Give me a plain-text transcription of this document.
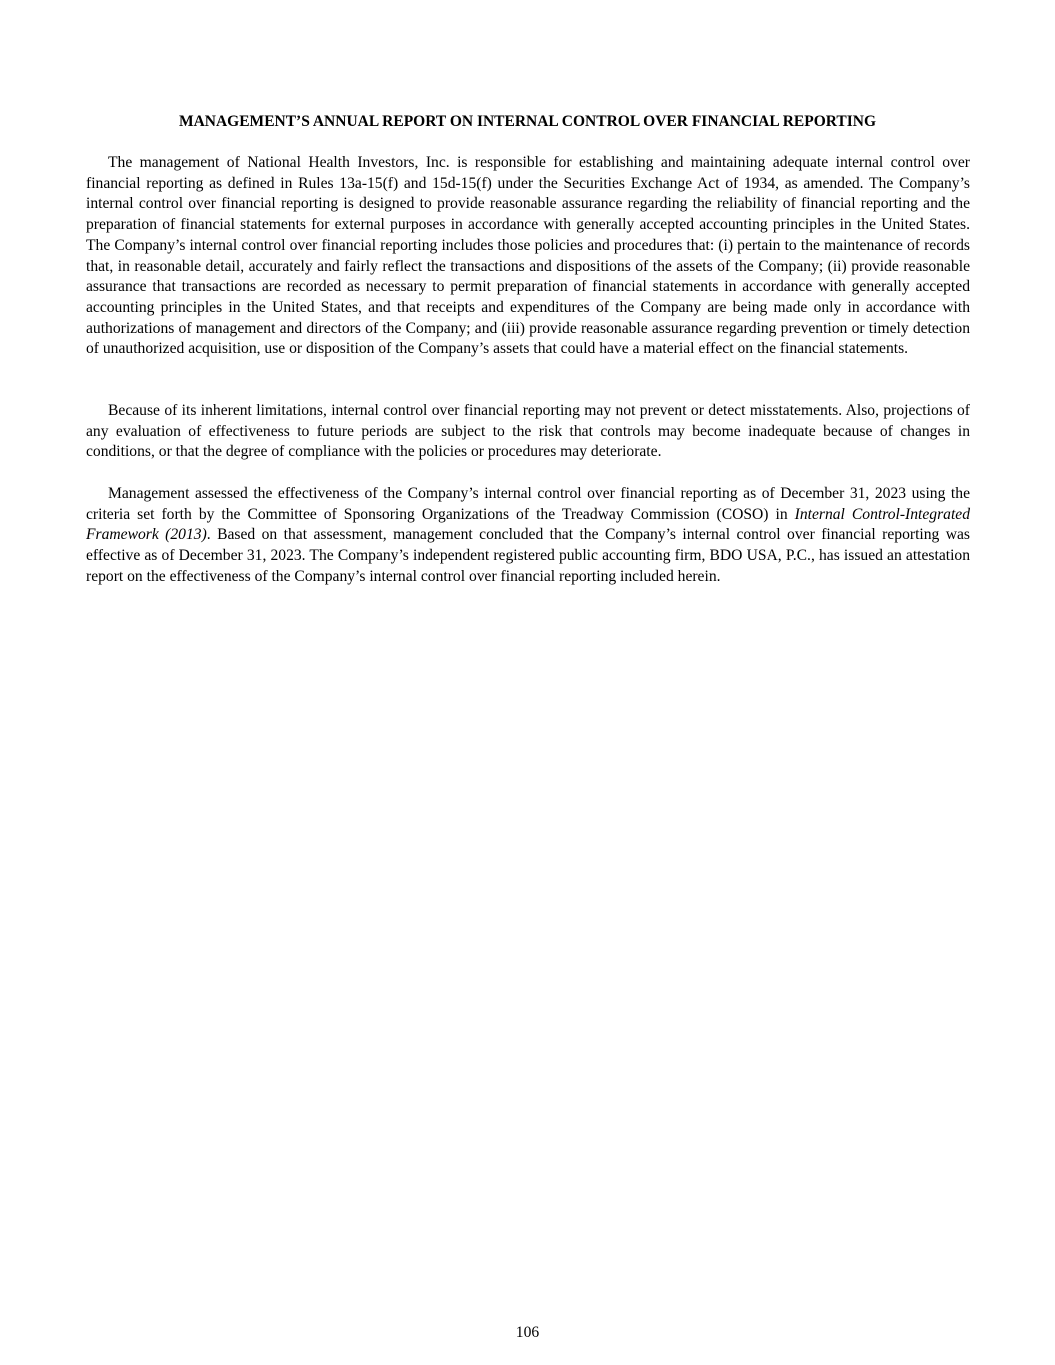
MANAGEMENT’S ANNUAL REPORT ON INTERNAL CONTROL OVER FINANCIAL REPORTING

The management of National Health Investors, Inc. is responsible for establishing and maintaining adequate internal control over financial reporting as defined in Rules 13a-15(f) and 15d-15(f) under the Securities Exchange Act of 1934, as amended. The Company’s internal control over financial reporting is designed to provide reasonable assurance regarding the reliability of financial reporting and the preparation of financial statements for external purposes in accordance with generally accepted accounting principles in the United States. The Company’s internal control over financial reporting includes those policies and procedures that: (i) pertain to the maintenance of records that, in reasonable detail, accurately and fairly reflect the transactions and dispositions of the assets of the Company; (ii) provide reasonable assurance that transactions are recorded as necessary to permit preparation of financial statements in accordance with generally accepted accounting principles in the United States, and that receipts and expenditures of the Company are being made only in accordance with authorizations of management and directors of the Company; and (iii) provide reasonable assurance regarding prevention or timely detection of unauthorized acquisition, use or disposition of the Company’s assets that could have a material effect on the financial statements.

Because of its inherent limitations, internal control over financial reporting may not prevent or detect misstatements. Also, projections of any evaluation of effectiveness to future periods are subject to the risk that controls may become inadequate because of changes in conditions, or that the degree of compliance with the policies or procedures may deteriorate.

Management assessed the effectiveness of the Company’s internal control over financial reporting as of December 31, 2023 using the criteria set forth by the Committee of Sponsoring Organizations of the Treadway Commission (COSO) in Internal Control-Integrated Framework (2013). Based on that assessment, management concluded that the Company’s internal control over financial reporting was effective as of December 31, 2023. The Company’s independent registered public accounting firm, BDO USA, P.C., has issued an attestation report on the effectiveness of the Company’s internal control over financial reporting included herein.

106
